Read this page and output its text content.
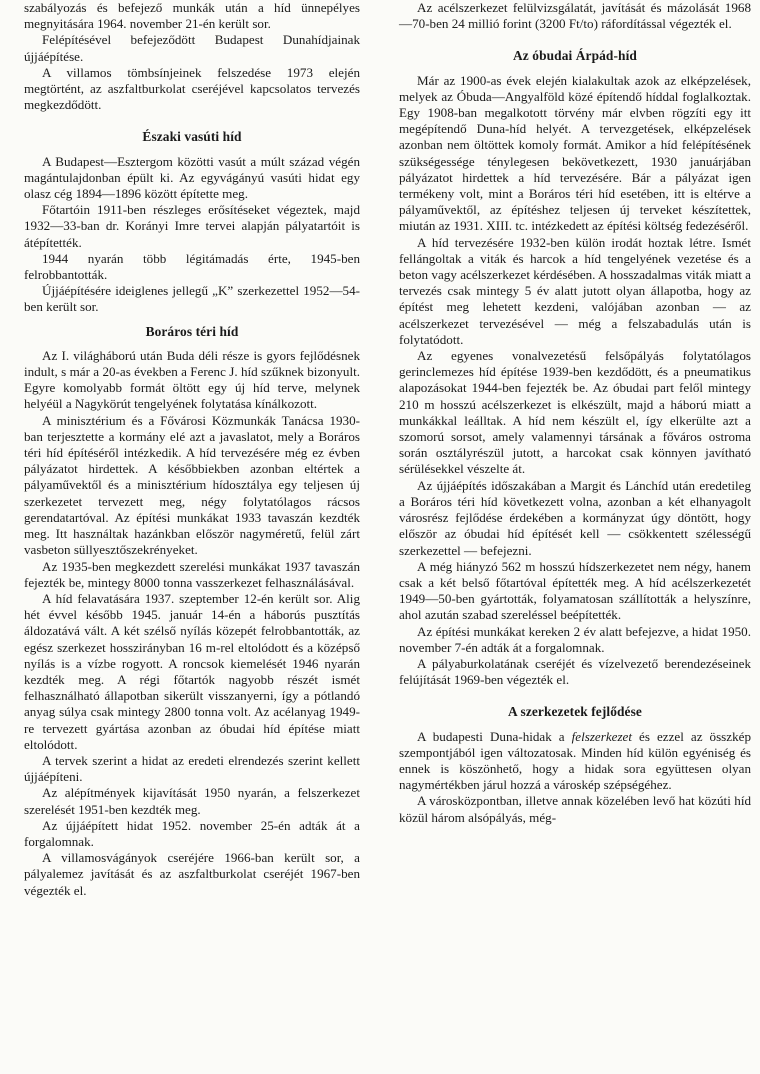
szabályozás és befejező munkák után a híd ünnepélyes megnyitására 1964. november 21-én került sor.

Felépítésével befejeződött Budapest Dunahídjainak újjáépítése.

A villamos tömbsínjeinek felszedése 1973 elején megtörtént, az aszfaltburkolat cseréjével kapcsolatos tervezés megkezdődött.

Északi vasúti híd

A Budapest—Esztergom közötti vasút a múlt század végén magántulajdonban épült ki. Az egyvágányú vasúti hidat egy olasz cég 1894—1896 között építette meg.

Főtartóin 1911-ben részleges erősítéseket végeztek, majd 1932—33-ban dr. Korányi Imre tervei alapján pályatartóit is átépítették.

1944 nyarán több légitámadás érte, 1945-ben felrobbantották.

Újjáépítésére ideiglenes jellegű „K” szerkezettel 1952—54-ben került sor.

Boráros téri híd

Az I. világháború után Buda déli része is gyors fejlődésnek indult, s már a 20-as években a Ferenc J. híd szűknek bizonyult. Egyre komolyabb formát öltött egy új híd terve, melynek helyéül a Nagykörút tengelyének folytatása kínálkozott.

A minisztérium és a Fővárosi Közmunkák Tanácsa 1930-ban terjesztette a kormány elé azt a javaslatot, mely a Boráros téri híd építéséről intézkedik. A híd tervezésére még ez évben pályázatot hirdettek. A későbbiekben azonban eltértek a pályaművektől és a minisztérium hídosztálya egy teljesen új szerkezetet tervezett meg, négy folytatólagos rácsos gerendatartóval. Az építési munkákat 1933 tavaszán kezdték meg. Itt használtak hazánkban először nagyméretű, felül zárt vasbeton süllyesztőszekrényeket.

Az 1935-ben megkezdett szerelési munkákat 1937 tavaszán fejezték be, mintegy 8000 tonna vasszerkezet felhasználásával.

A híd felavatására 1937. szeptember 12-én került sor. Alig hét évvel később 1945. január 14-én a háborús pusztítás áldozatává vált. A két szélső nyílás közepét felrobbantották, az egész szerkezet hosszirányban 16 m-rel eltolódott és a középső nyílás is a vízbe rogyott. A roncsok kiemelését 1946 nyarán kezdték meg. A régi főtartók nagyobb részét ismét felhasználható állapotban sikerült visszanyerni, így a pótlandó anyag súlya csak mintegy 2800 tonna volt. Az acélanyag 1949-re tervezett gyártása azonban az óbudai híd építése miatt eltolódott.

A tervek szerint a hidat az eredeti elrendezés szerint kellett újjáépíteni.

Az alépítmények kijavítását 1950 nyarán, a felszerkezet szerelését 1951-ben kezdték meg.

Az újjáépített hidat 1952. november 25-én adták át a forgalomnak.

A villamosvágányok cseréjére 1966-ban került sor, a pályalemez javítását és az aszfaltburkolat cseréjét 1967-ben végezték el.

Az acélszerkezet felülvizsgálatát, javítását és mázolását 1968—70-ben 24 millió forint (3200 Ft/to) ráfordítással végezték el.

Az óbudai Árpád-híd

Már az 1900-as évek elején kialakultak azok az elképzelések, melyek az Óbuda—Angyalföld közé építendő híddal foglalkoztak. Egy 1908-ban megalkotott törvény már elvben rögzíti egy itt megépítendő Duna-híd helyét. A tervezgetések, elképzelések azonban nem öltöttek komoly formát. Amikor a híd felépítésének szükségessége ténylegesen bekövetkezett, 1930 januárjában pályázatot hirdettek a híd tervezésére. Bár a pályázat igen termékeny volt, mint a Boráros téri híd esetében, itt is eltérve a pályaművektől, az építéshez teljesen új terveket készítettek, miután az 1931. XIII. tc. intézkedett az építési költség fedezéséről.

A híd tervezésére 1932-ben külön irodát hoztak létre. Ismét fellángoltak a viták és harcok a híd tengelyének vezetése és a beton vagy acélszerkezet kérdésében. A hosszadalmas viták miatt a tervezés csak mintegy 5 év alatt jutott olyan állapotba, hogy az építést meg lehetett kezdeni, valójában azonban — az acélszerkezet tervezésével — még a felszabadulás után is folytatódott.

Az egyenes vonalvezetésű felsőpályás folytatólagos gerinclemezes híd építése 1939-ben kezdődött, és a pneumatikus alapozásokat 1944-ben fejezték be. Az óbudai part felől mintegy 210 m hosszú acélszerkezet is elkészült, majd a háború miatt a munkákkal leálltak. A híd nem készült el, így elkerülte azt a szomorú sorsot, amely valamennyi társának a főváros ostroma során osztályrészül jutott, a harcokat csak könnyen javítható sérülésekkel vészelte át.

Az újjáépítés időszakában a Margit és Lánchíd után eredetileg a Boráros téri híd következett volna, azonban a két elhanyagolt városrész fejlődése érdekében a kormányzat úgy döntött, hogy először az óbudai híd építését kell — csökkentett szélességű szerkezettel — befejezni.

A még hiányzó 562 m hosszú hídszerkezetet nem négy, hanem csak a két belső főtartóval építették meg. A híd acélszerkezetét 1949—50-ben gyártották, folyamatosan szállították a helyszínre, ahol azután szabad szereléssel beépítették.

Az építési munkákat kereken 2 év alatt befejezve, a hidat 1950. november 7-én adták át a forgalomnak.

A pályaburkolatának cseréjét és vízelvezető berendezéseinek felújítását 1969-ben végezték el.

A szerkezetek fejlődése

A budapesti Duna-hidak a felszerkezet és ezzel az összkép szempontjából igen változatosak. Minden híd külön egyéniség és ennek is köszönhető, hogy a hidak sora együttesen olyan nagymértékben járul hozzá a városkép szépségéhez.

A városközpontban, illetve annak közelében levő hat közúti híd közül három alsópályás, még-
